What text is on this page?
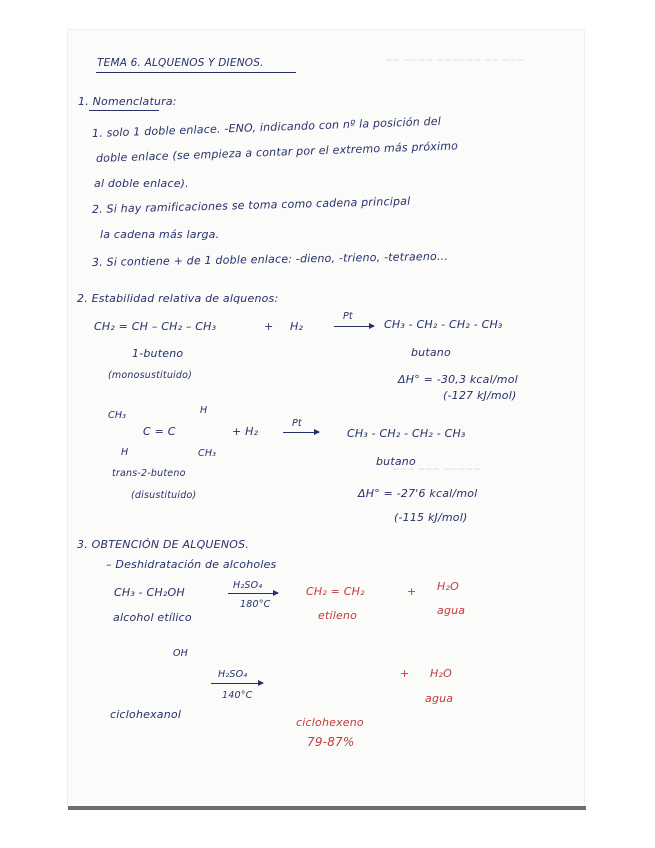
~~ ~~~~ ~~~~~~ ~~ ~~~
~~~ ~~~ ~~~~~
TEMA 6. ALQUENOS Y DIENOS.
1. Nomenclatura:
1. solo 1 doble enlace. -ENO, indicando con nº la posición del
doble enlace (se empieza a contar por el extremo más próximo
al doble enlace).
2. Si hay ramificaciones se toma como cadena principal
la cadena más larga.
3. Si contiene + de 1 doble enlace: -dieno, -trieno, -tetraeno...
2. Estabilidad relativa de alquenos:
CH₂ = CH – CH₂ – CH₃	+ H₂
Pt
→ CH₃ - CH₂ - CH₂ - CH₃
1-buteno	butano
(monosustituido)	ΔH° = -30,3 kcal/mol
(-127 kJ/mol)
CH₃	H
C = C
H	CH₃
+ H₂
Pt
CH₃ - CH₂ - CH₂ - CH₃
trans-2-buteno
butano
(disustituido)	ΔH° = -27'6 kcal/mol
(-115 kJ/mol)
3. OBTENCIÓN DE ALQUENOS.
– Deshidratación de alcoholes
CH₃ - CH₂OH
H₂SO₄
180°C
CH₂ = CH₂	+ H₂O
alcohol etílico	etileno	agua
OH
H₂SO₄
140°C
+ H₂O
ciclohexanol
ciclohexeno
agua
79-87%
